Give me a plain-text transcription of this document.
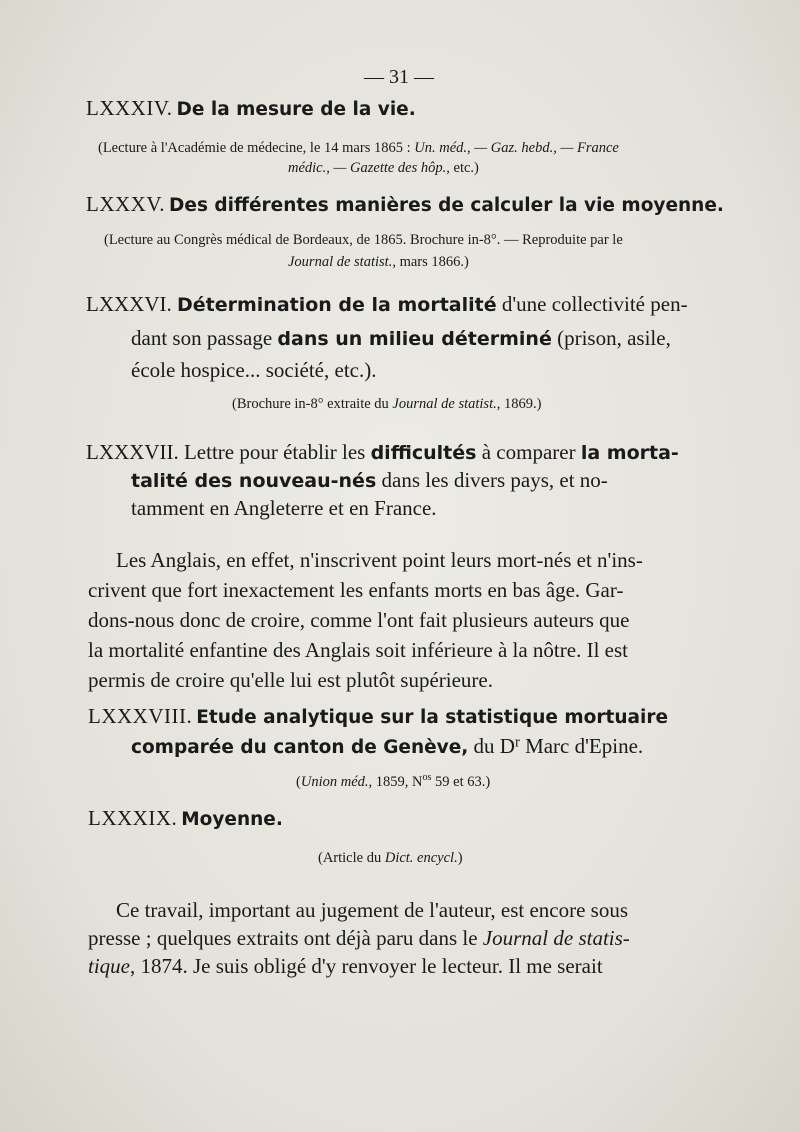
— 31 —
LXXXIV. De la mesure de la vie.
(Lecture à l'Académie de médecine, le 14 mars 1865 : Un. méd., — Gaz. hebd., — France
médic., — Gazette des hôp., etc.)
LXXXV. Des différentes manières de calculer la vie moyenne.
(Lecture au Congrès médical de Bordeaux, de 1865. Brochure in-8°. — Reproduite par le
Journal de statist., mars 1866.)
LXXXVI. Détermination de la mortalité d'une collectivité pen-
dant son passage dans un milieu déterminé (prison, asile,
école hospice... société, etc.).
(Brochure in-8° extraite du Journal de statist., 1869.)
LXXXVII. Lettre pour établir les difficultés à comparer la morta-
talité des nouveau-nés dans les divers pays, et no-
tamment en Angleterre et en France.
Les Anglais, en effet, n'inscrivent point leurs mort-nés et n'ins-
crivent que fort inexactement les enfants morts en bas âge. Gar-
dons-nous donc de croire, comme l'ont fait plusieurs auteurs que
la mortalité enfantine des Anglais soit inférieure à la nôtre. Il est
permis de croire qu'elle lui est plutôt supérieure.
LXXXVIII. Etude analytique sur la statistique mortuaire
comparée du canton de Genève, du $D^r$ Marc d'Epine.
(Union méd., 1859, $N^{os}$ 59 et 63.)
LXXXIX. Moyenne.
(Article du Dict. encycl.)
Ce travail, important au jugement de l'auteur, est encore sous
presse ; quelques extraits ont déjà paru dans le Journal de statis-
tique, 1874. Je suis obligé d'y renvoyer le lecteur. Il me serait
